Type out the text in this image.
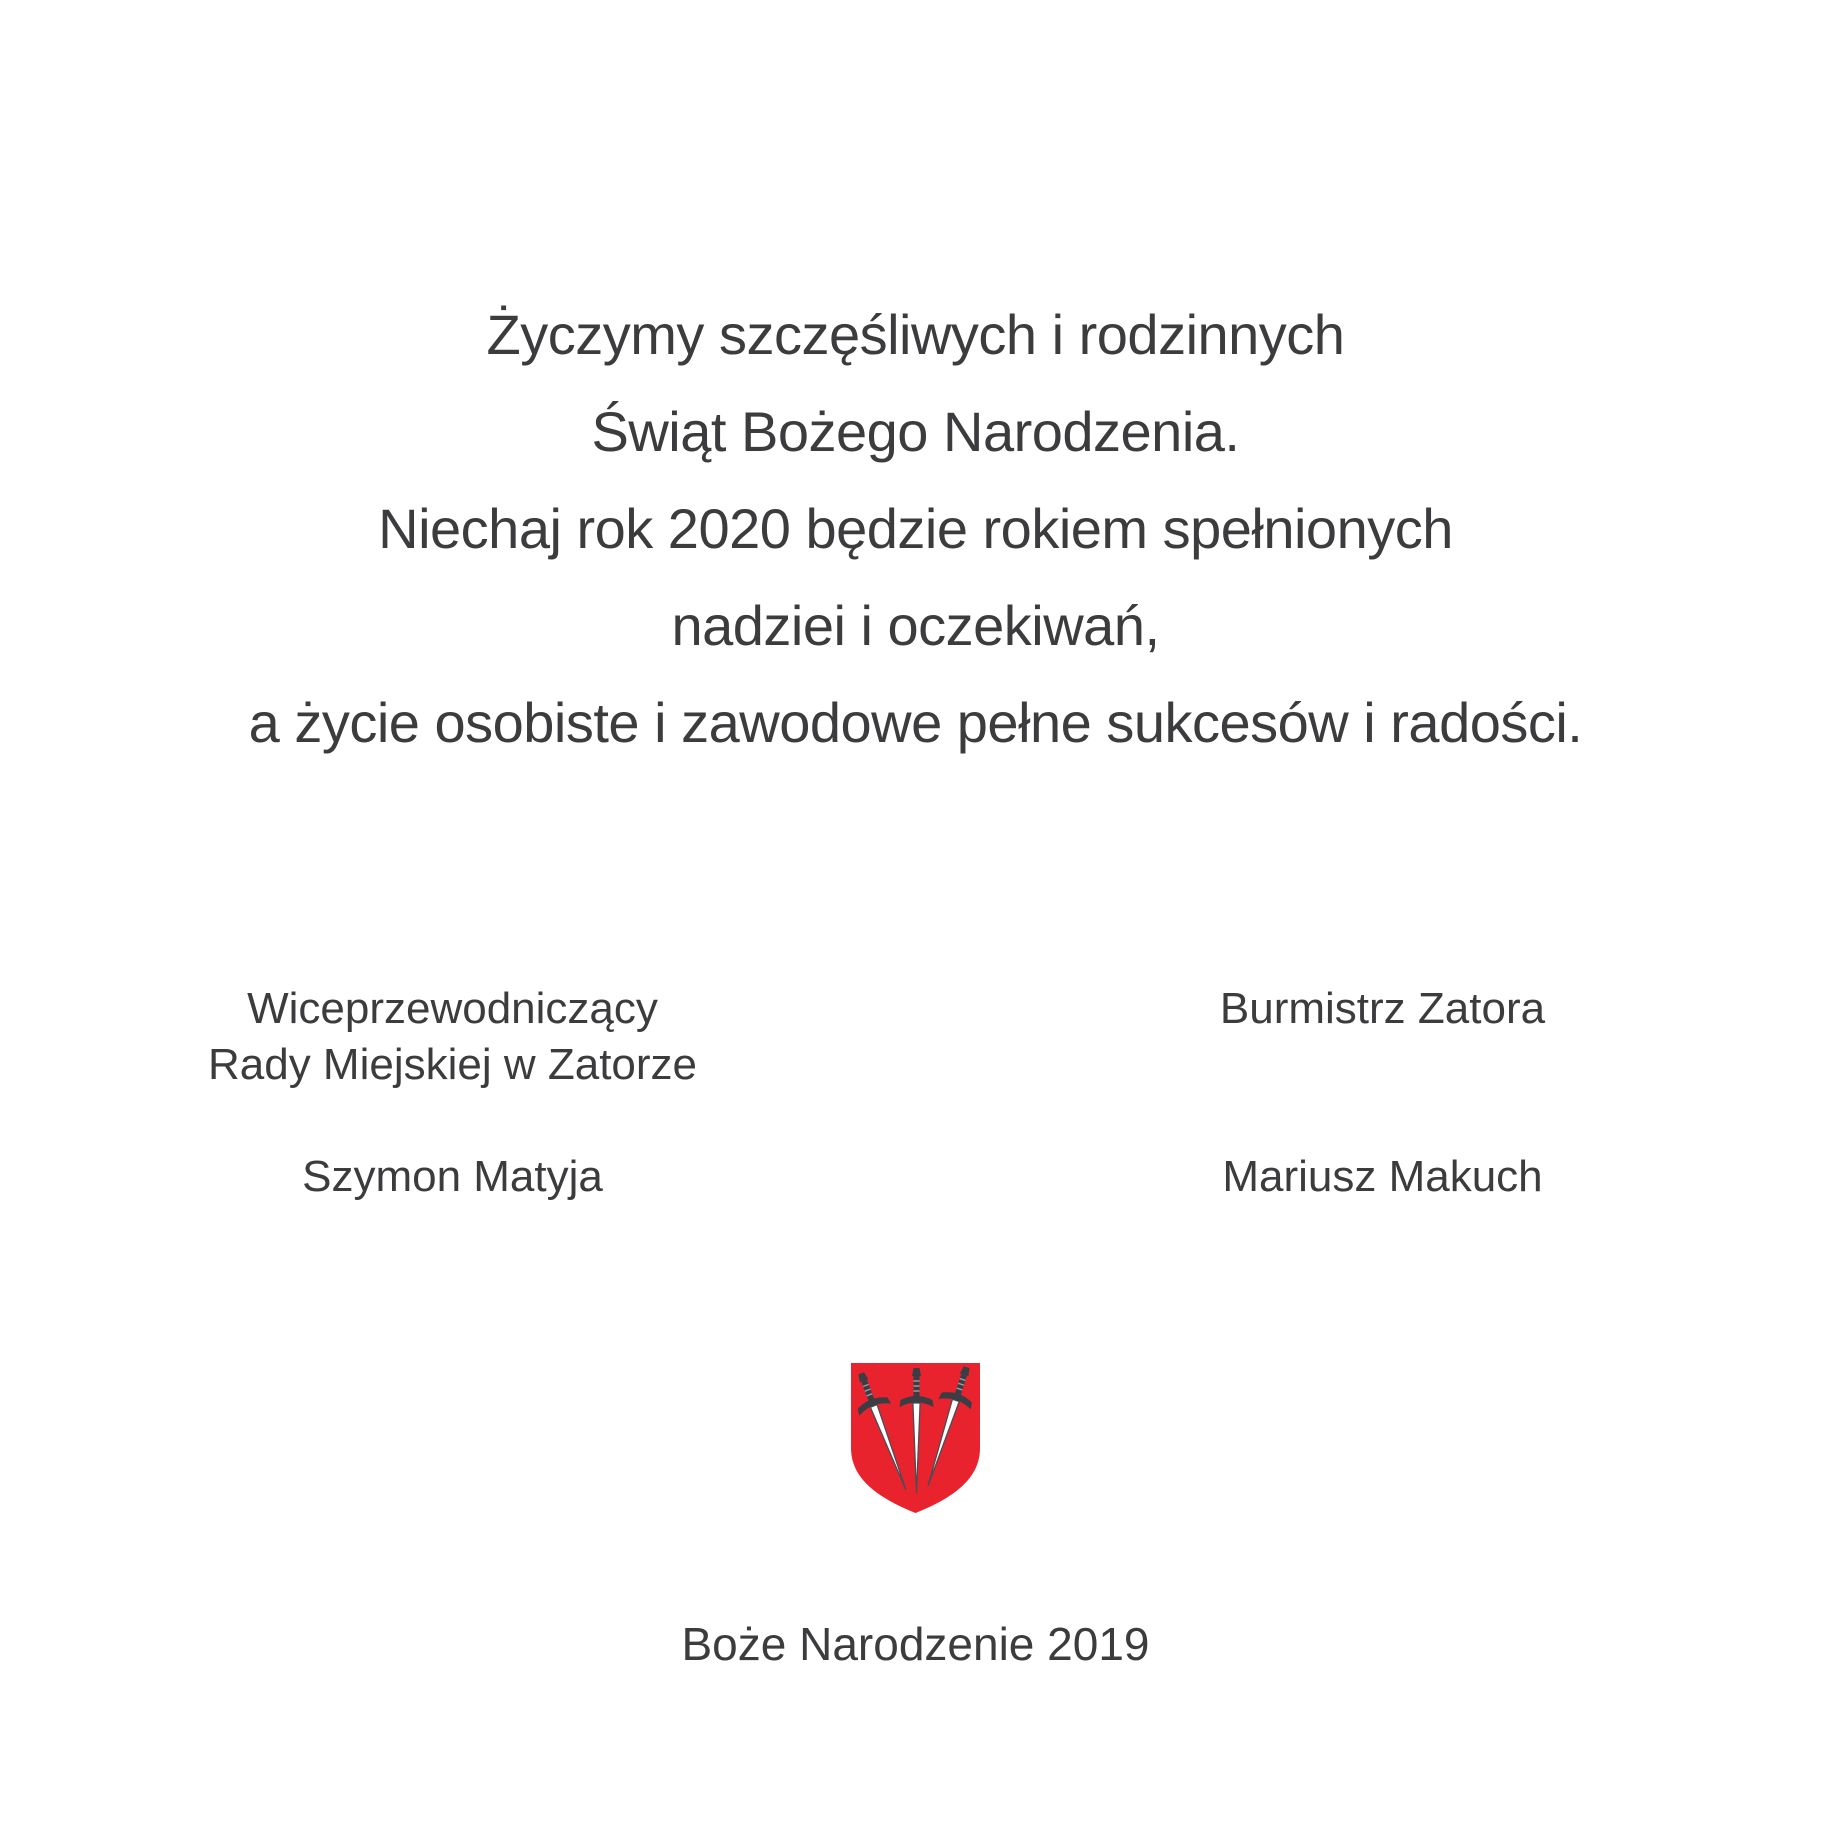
Życzymy szczęśliwych i rodzinnych
Świąt Bożego Narodzenia.
Niechaj rok 2020 będzie rokiem spełnionych
nadziei i oczekiwań,
a życie osobiste i zawodowe pełne sukcesów i radości.
Wiceprzewodniczący
Rady Miejskiej w Zatorze
Szymon Matyja
Burmistrz Zatora
Mariusz Makuch
Boże Narodzenie 2019
